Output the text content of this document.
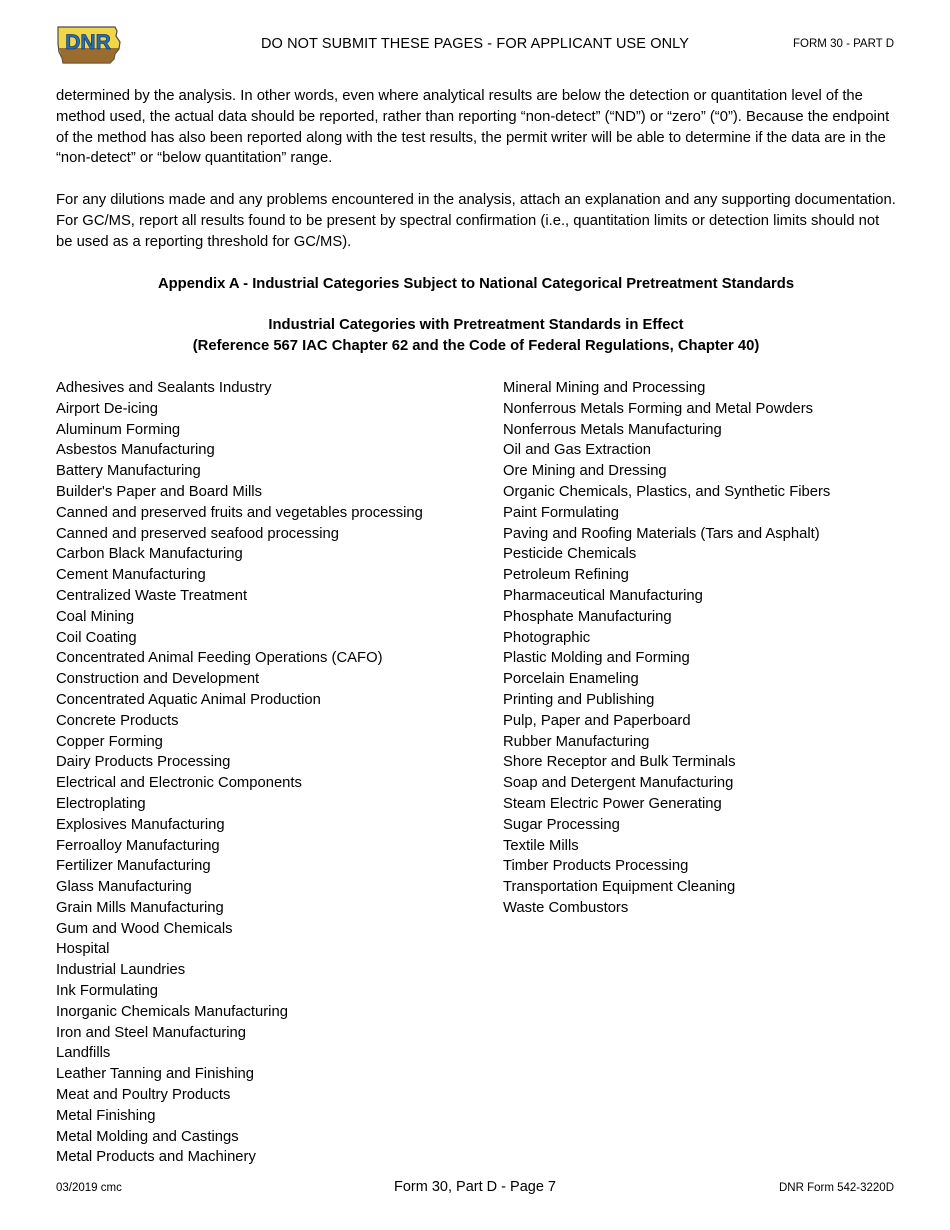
DNR	DO NOT SUBMIT THESE PAGES - FOR APPLICANT USE ONLY	FORM 30 - PART D

determined by the analysis. In other words, even where analytical results are below the detection or quantitation level of the method used, the actual data should be reported, rather than reporting “non-detect” (“ND”) or “zero” (“0”). Because the endpoint of the method has also been reported along with the test results, the permit writer will be able to determine if the data are in the “non-detect” or “below quantitation” range.

For any dilutions made and any problems encountered in the analysis, attach an explanation and any supporting documentation. For GC/MS, report all results found to be present by spectral confirmation (i.e., quantitation limits or detection limits should not be used as a reporting threshold for GC/MS).

Appendix A - Industrial Categories Subject to National Categorical Pretreatment Standards

Industrial Categories with Pretreatment Standards in Effect

(Reference 567 IAC Chapter 62 and the Code of Federal Regulations, Chapter 40)

Adhesives and Sealants Industry
Airport De-icing
Aluminum Forming
Asbestos Manufacturing
Battery Manufacturing
Builder's Paper and Board Mills
Canned and preserved fruits and vegetables processing
Canned and preserved seafood processing
Carbon Black Manufacturing
Cement Manufacturing
Centralized Waste Treatment
Coal Mining
Coil Coating
Concentrated Animal Feeding Operations (CAFO)
Construction and Development
Concentrated Aquatic Animal Production
Concrete Products
Copper Forming
Dairy Products Processing
Electrical and Electronic Components
Electroplating
Explosives Manufacturing
Ferroalloy Manufacturing
Fertilizer Manufacturing
Glass Manufacturing
Grain Mills Manufacturing
Gum and Wood Chemicals
Hospital
Industrial Laundries
Ink Formulating
Inorganic Chemicals Manufacturing
Iron and Steel Manufacturing
Landfills
Leather Tanning and Finishing
Meat and Poultry Products
Metal Finishing
Metal Molding and Castings
Metal Products and Machinery
Mineral Mining and Processing
Nonferrous Metals Forming and Metal Powders
Nonferrous Metals Manufacturing
Oil and Gas Extraction
Ore Mining and Dressing
Organic Chemicals, Plastics, and Synthetic Fibers
Paint Formulating
Paving and Roofing Materials (Tars and Asphalt)
Pesticide Chemicals
Petroleum Refining
Pharmaceutical Manufacturing
Phosphate Manufacturing
Photographic
Plastic Molding and Forming
Porcelain Enameling
Printing and Publishing
Pulp, Paper and Paperboard
Rubber Manufacturing
Shore Receptor and Bulk Terminals
Soap and Detergent Manufacturing
Steam Electric Power Generating
Sugar Processing
Textile Mills
Timber Products Processing
Transportation Equipment Cleaning
Waste Combustors
03/2019 cmc	Form 30, Part D - Page 7	DNR Form 542-3220D
